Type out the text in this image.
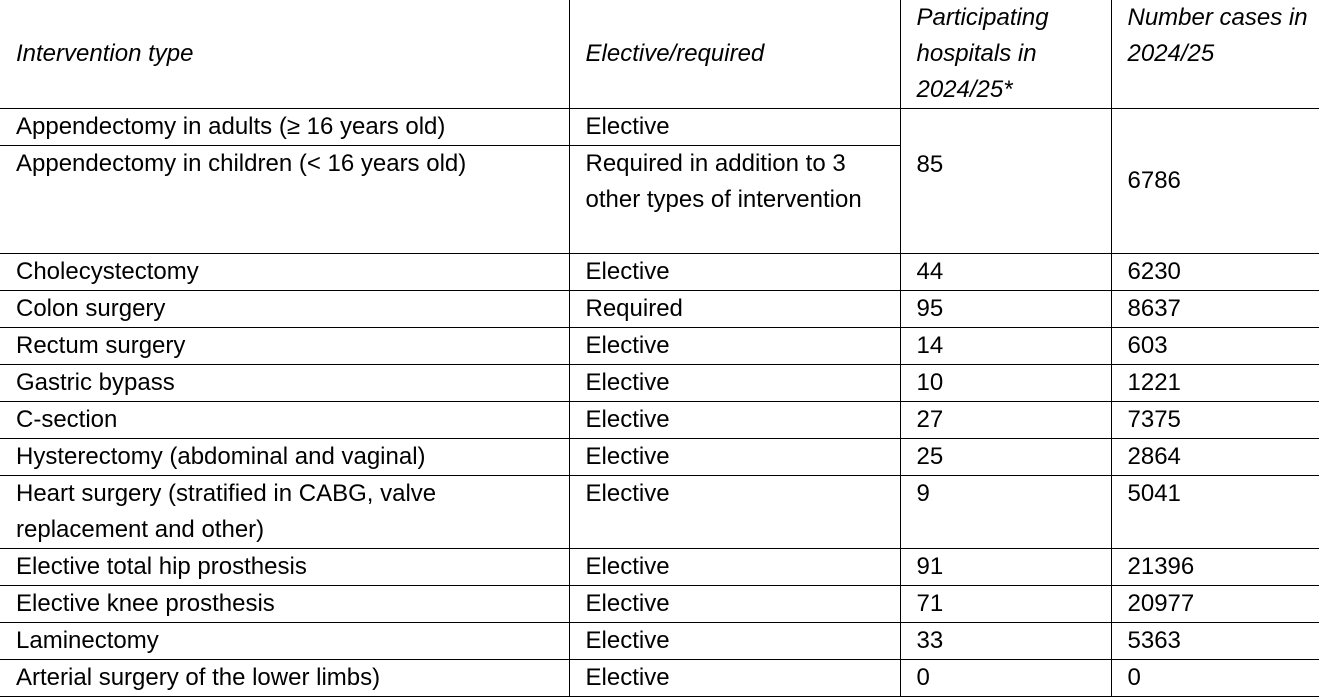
Intervention type	Elective/required	Participating hospitals in 2024/25*	Number cases in 2024/25
Appendectomy in adults (≥ 16 years old)	Elective	85	6786
Appendectomy in children (< 16 years old)	Required in addition to 3 other types of intervention		
Cholecystectomy	Elective	44	6230
Colon surgery	Required	95	8637
Rectum surgery	Elective	14	603
Gastric bypass	Elective	10	1221
C-section	Elective	27	7375
Hysterectomy (abdominal and vaginal)	Elective	25	2864
Heart surgery (stratified in CABG, valve replacement and other)	Elective	9	5041
Elective total hip prosthesis	Elective	91	21396
Elective knee prosthesis	Elective	71	20977
Laminectomy	Elective	33	5363
Arterial surgery of the lower limbs)	Elective	0	0
